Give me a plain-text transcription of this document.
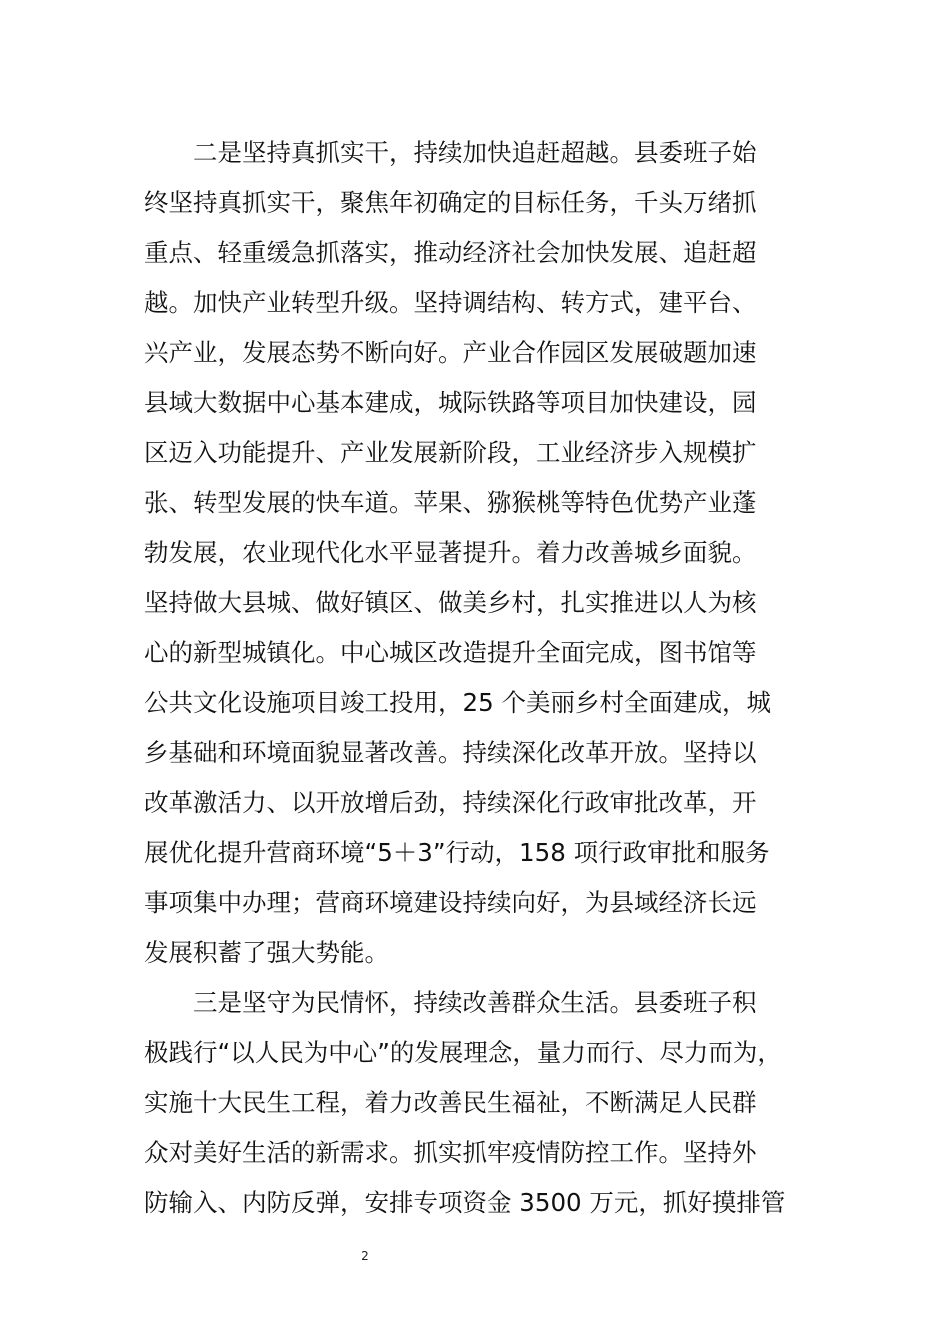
二是坚持真抓实干，持续加快追赶超越。县委班子始
终坚持真抓实干，聚焦年初确定的目标任务，千头万绪抓
重点、轻重缓急抓落实，推动经济社会加快发展、追赶超
越。加快产业转型升级。坚持调结构、转方式，建平台、
兴产业，发展态势不断向好。产业合作园区发展破题加速
县域大数据中心基本建成，城际铁路等项目加快建设，园
区迈入功能提升、产业发展新阶段，工业经济步入规模扩
张、转型发展的快车道。苹果、猕猴桃等特色优势产业蓬
勃发展，农业现代化水平显著提升。着力改善城乡面貌。
坚持做大县城、做好镇区、做美乡村，扎实推进以人为核
心的新型城镇化。中心城区改造提升全面完成，图书馆等
公共文化设施项目竣工投用，25 个美丽乡村全面建成，城
乡基础和环境面貌显著改善。持续深化改革开放。坚持以
改革激活力、以开放增后劲，持续深化行政审批改革，开
展优化提升营商环境“5＋3”行动，158 项行政审批和服务
事项集中办理；营商环境建设持续向好，为县域经济长远
发展积蓄了强大势能。
三是坚守为民情怀，持续改善群众生活。县委班子积
极践行“以人民为中心”的发展理念，量力而行、尽力而为，
实施十大民生工程，着力改善民生福祉，不断满足人民群
众对美好生活的新需求。抓实抓牢疫情防控工作。坚持外
防输入、内防反弹，安排专项资金 3500 万元，抓好摸排管
2
